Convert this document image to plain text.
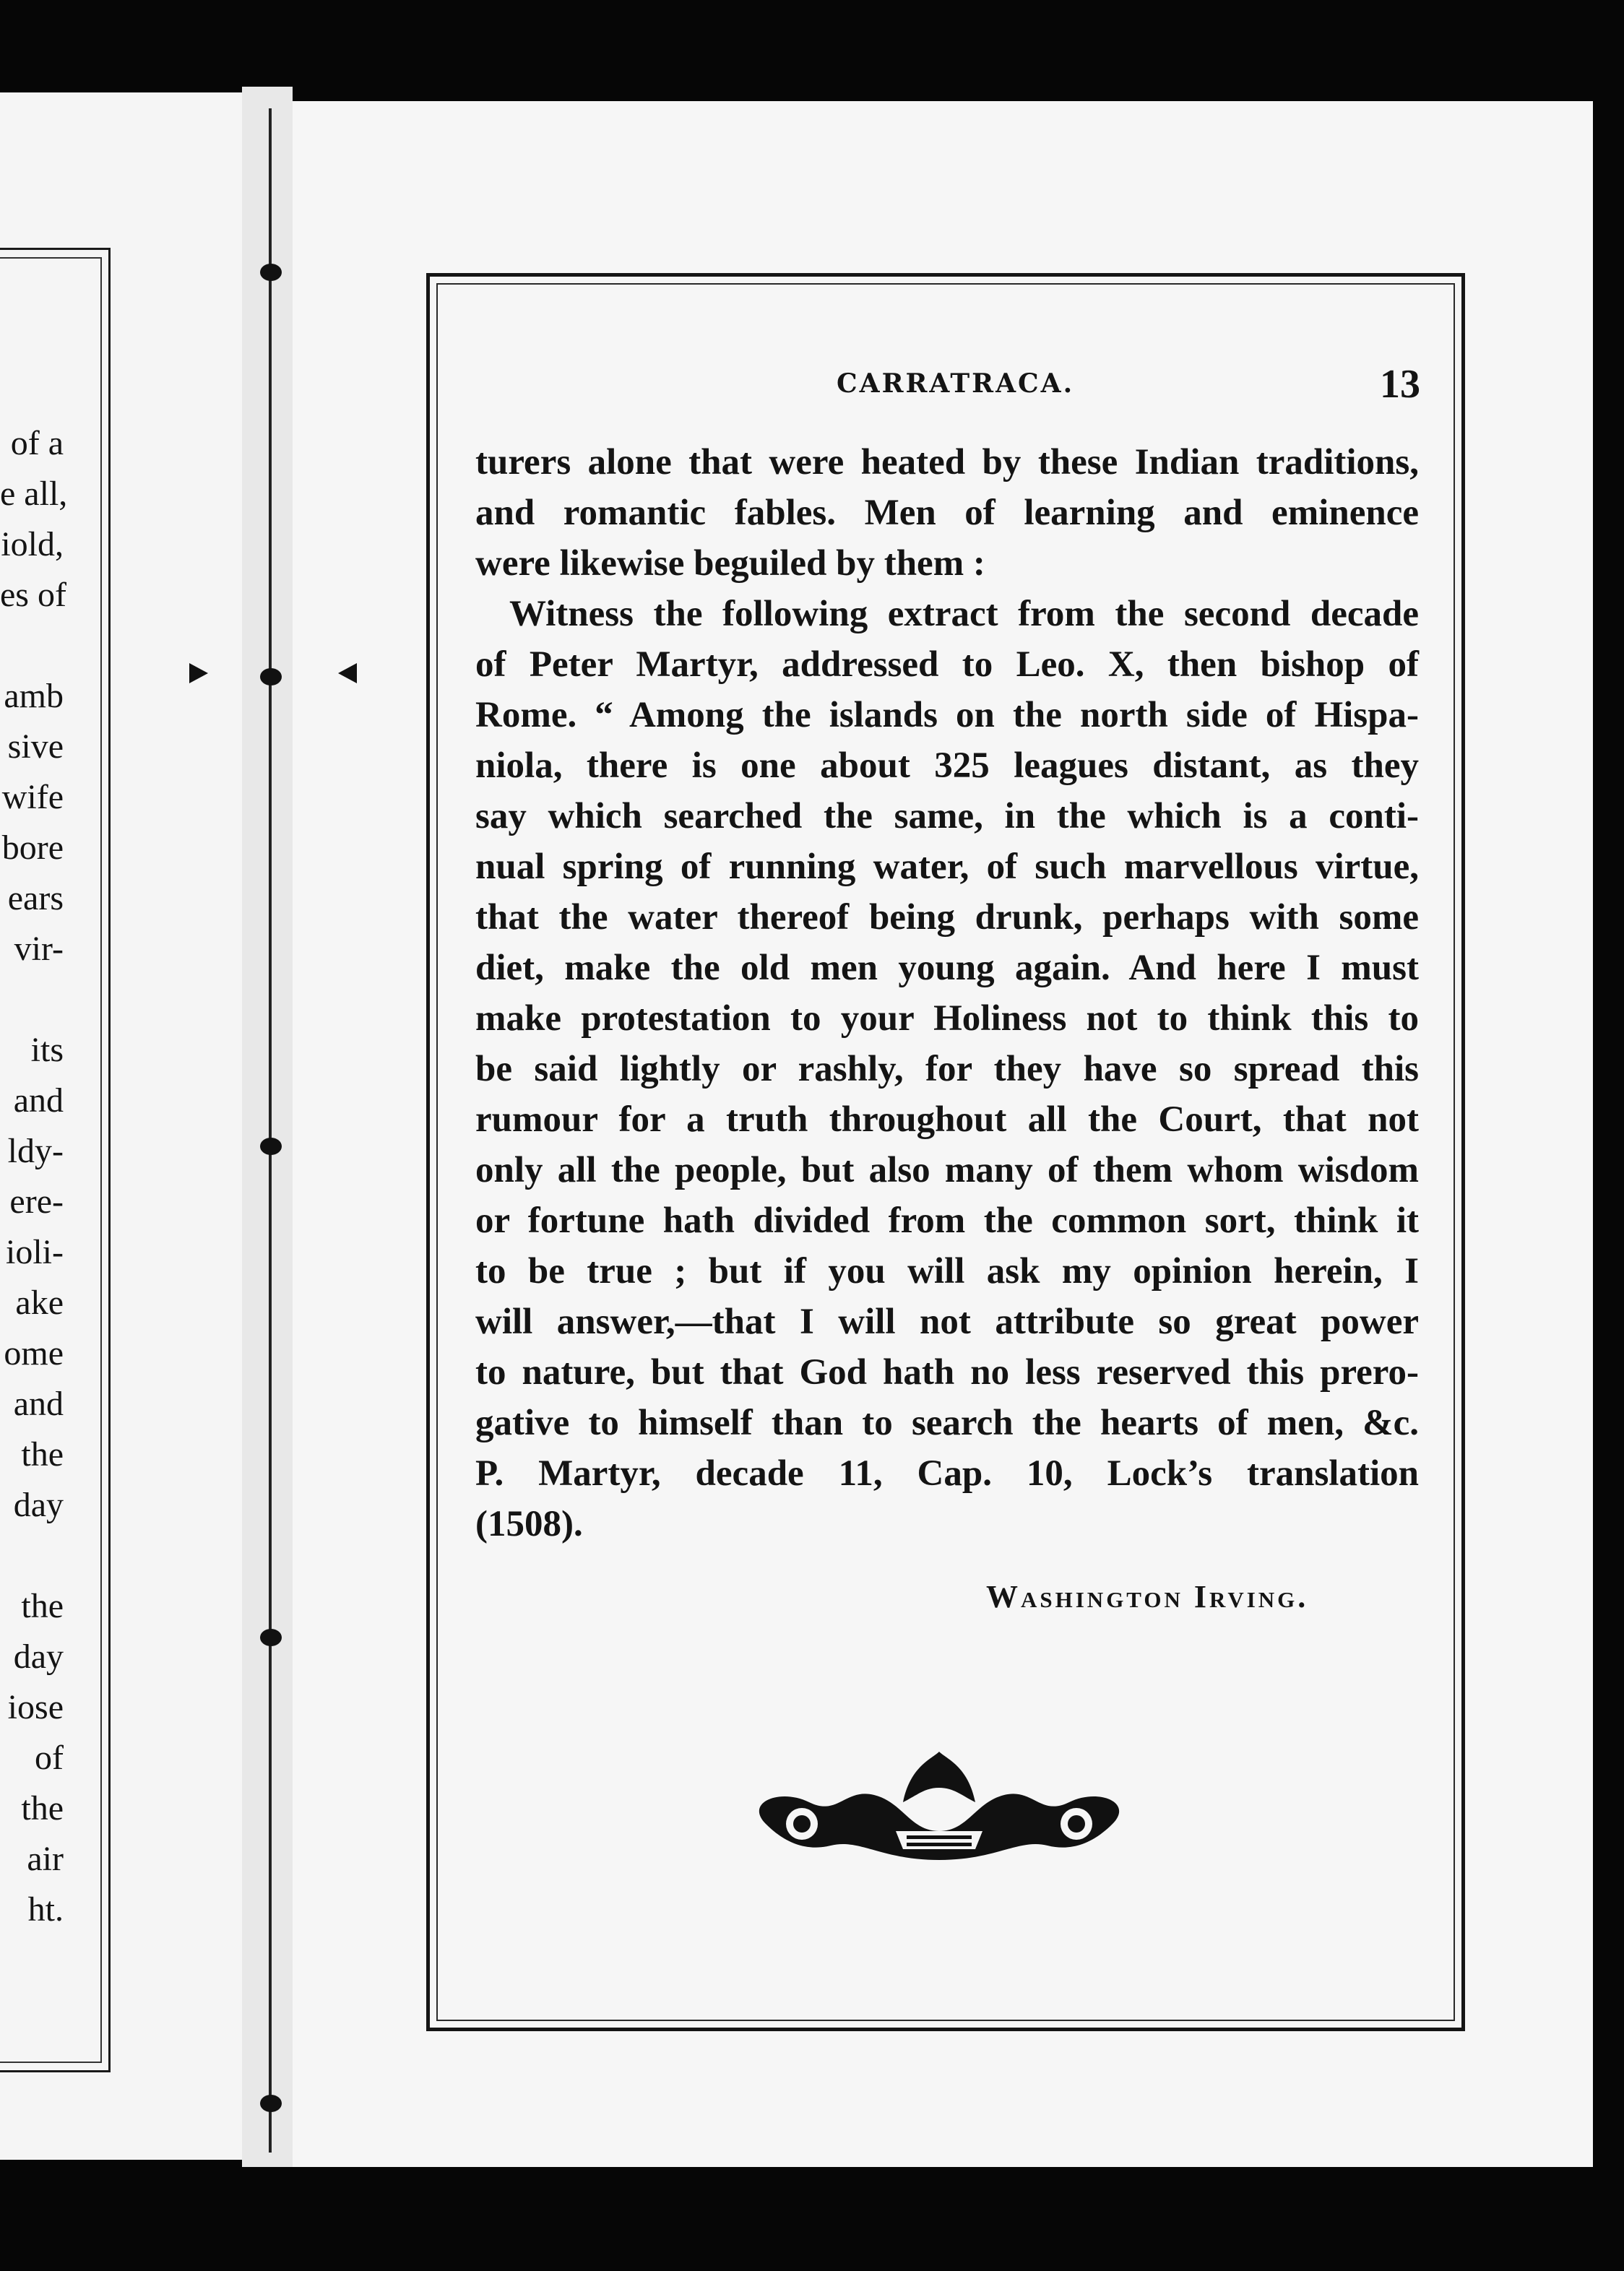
of a
e all,
iold,
es of
amb
sive
wife
bore
ears
vir-
its
and
ldy-
ere-
ioli-
ake
ome
and
the
day
the
day
iose
of
the
air
ht.
CARRATRACA.	13
turers alone that were heated by these Indian traditions,
and romantic fables. Men of learning and eminence
were likewise beguiled by them :
Witness the following extract from the second decade
of Peter Martyr, addressed to Leo. X, then bishop of
Rome. “ Among the islands on the north side of Hispa-
niola, there is one about 325 leagues distant, as they
say which searched the same, in the which is a conti-
nual spring of running water, of such marvellous virtue,
that the water thereof being drunk, perhaps with some
diet, make the old men young again. And here I must
make protestation to your Holiness not to think this to
be said lightly or rashly, for they have so spread this
rumour for a truth throughout all the Court, that not
only all the people, but also many of them whom wisdom
or fortune hath divided from the common sort, think it
to be true ; but if you will ask my opinion herein, I
will answer,—that I will not attribute so great power
to nature, but that God hath no less reserved this prero-
gative to himself than to search the hearts of men, &c.
P. Martyr, decade 11, Cap. 10, Lock’s translation
(1508).
Washington Irving.
